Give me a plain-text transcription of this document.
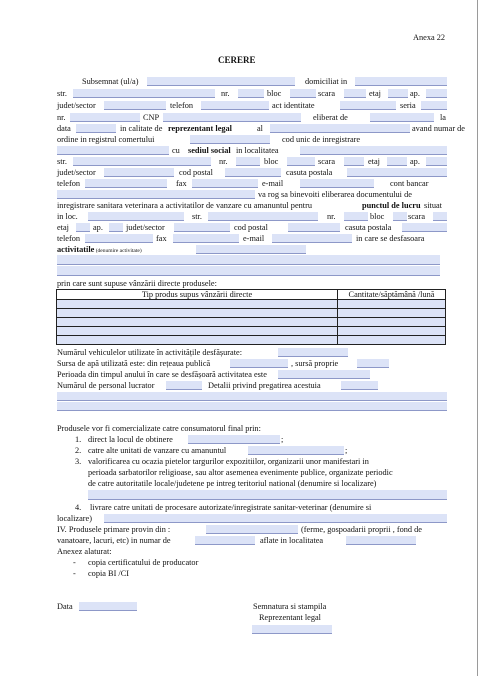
Anexa 22
CERERE
Subsemnat (ul/a)	domiciliat in
str.	nr.	bloc	scara	etaj	ap.
judet/sector	telefon	act identitate	seria
nr.	CNP	eliberat de	la
data	in calitate de reprezentant legal	al	avand numar de
ordine in registrul comertului	cod unic de inregistrare
cu sediul social in localitatea
str.	nr.	bloc	scara	etaj	ap.
judet/sector	cod postal	casuta postala
telefon	fax	e-mail	cont bancar
va rog sa binevoiti eliberarea documentului de
inregistrare sanitara veterinara a activitatilor de vanzare cu amanuntul pentru	punctul de lucru situat
in loc.	str.	nr.	bloc	scara
etaj	ap.	judet/sector	cod postal	casuta postala
telefon	fax	e-mail	in care se desfasoara
activitatile (denumire activitate)
prin care sunt supuse vânzării directe produsele:
Tip produs supus vânzării directe	Cantitate/săptămână /lună

Numărul vehiculelor utilizate în activitățile desfășurate:
Sursa de apă utilizată este: din rețeaua publică	, sursă proprie
Perioada din timpul anului în care se desfășoară activitatea este
Numărul de personal lucrator	Detalii privind pregatirea acestuia
Produsele vor fi comercializate catre consumatorul final prin:
1. direct la locul de obtinere	;
2. catre alte unitati de vanzare cu amanuntul	;
3. valorificarea cu ocazia pietelor targurilor expozitiilor, organizarii unor manifestari in
perioada sarbatorilor religioase, sau altor asemenea evenimente publice, organizate periodic
de catre autoritatile locale/judetene pe intreg teritoriul national (denumire si localizare)
4. livrare catre unitati de procesare autorizate/inregistrate sanitar-veterinar (denumire si
localizare)
IV. Produsele primare provin din :	(ferme, gospoadarii proprii , fond de
vanatoare, lacuri, etc) in numar de	aflate in localitatea
Anexez alaturat:
- copia certificatului de producator
- copia BI /CI
Data	Semnatura si stampila
Reprezentant legal
